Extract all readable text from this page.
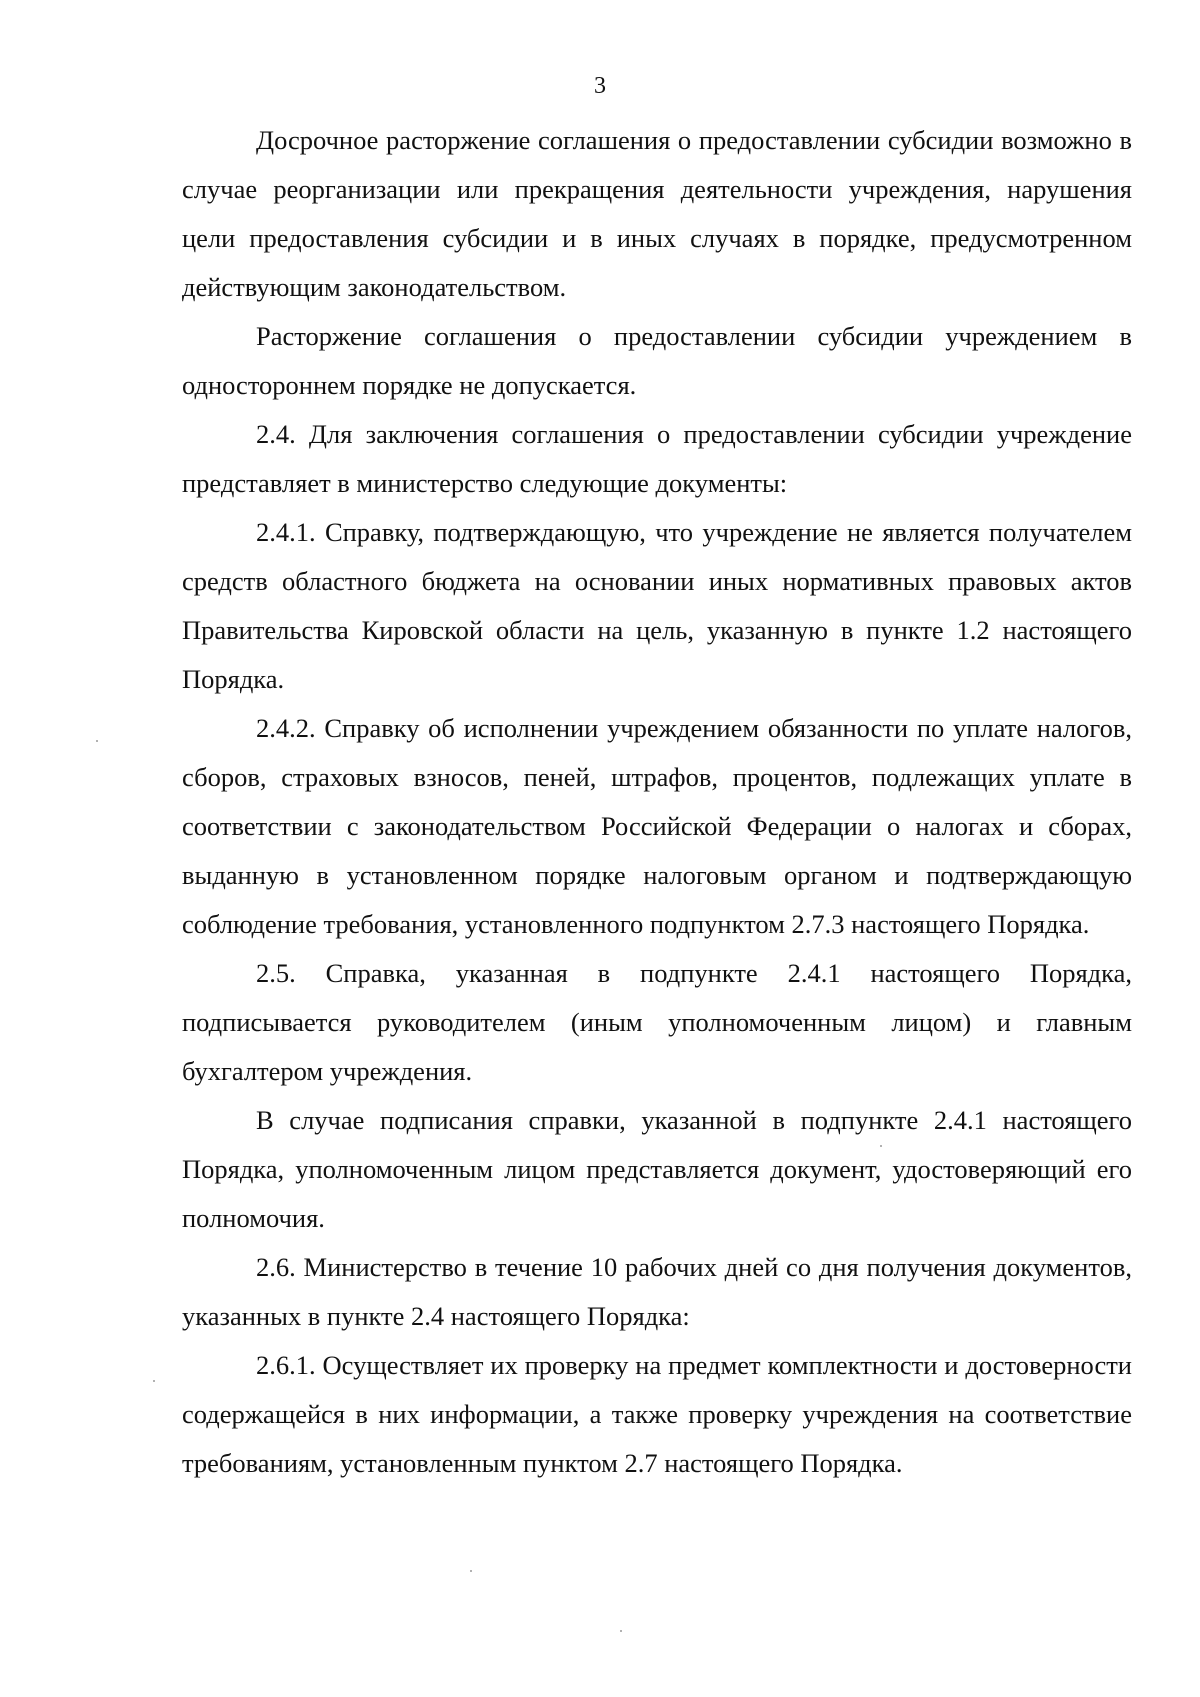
3

Досрочное расторжение соглашения о предоставлении субсидии возможно в случае реорганизации или прекращения деятельности учреждения, нарушения цели предоставления субсидии и в иных случаях в порядке, предусмотренном действующим законодательством.

Расторжение соглашения о предоставлении субсидии учреждением в одностороннем порядке не допускается.

2.4. Для заключения соглашения о предоставлении субсидии учреждение представляет в министерство следующие документы:

2.4.1. Справку, подтверждающую, что учреждение не является получателем средств областного бюджета на основании иных нормативных правовых актов Правительства Кировской области на цель, указанную в пункте 1.2 настоящего Порядка.

2.4.2. Справку об исполнении учреждением обязанности по уплате налогов, сборов, страховых взносов, пеней, штрафов, процентов, подлежащих уплате в соответствии с законодательством Российской Федерации о налогах и сборах, выданную в установленном порядке налоговым органом и подтверждающую соблюдение требования, установленного подпунктом 2.7.3 настоящего Порядка.

2.5. Справка, указанная в подпункте 2.4.1 настоящего Порядка, подписывается руководителем (иным уполномоченным лицом) и главным бухгалтером учреждения.

В случае подписания справки, указанной в подпункте 2.4.1 настоящего Порядка, уполномоченным лицом представляется документ, удостоверяющий его полномочия.

2.6. Министерство в течение 10 рабочих дней со дня получения документов, указанных в пункте 2.4 настоящего Порядка:

2.6.1. Осуществляет их проверку на предмет комплектности и достоверности содержащейся в них информации, а также проверку учреждения на соответствие требованиям, установленным пунктом 2.7 настоящего Порядка.
